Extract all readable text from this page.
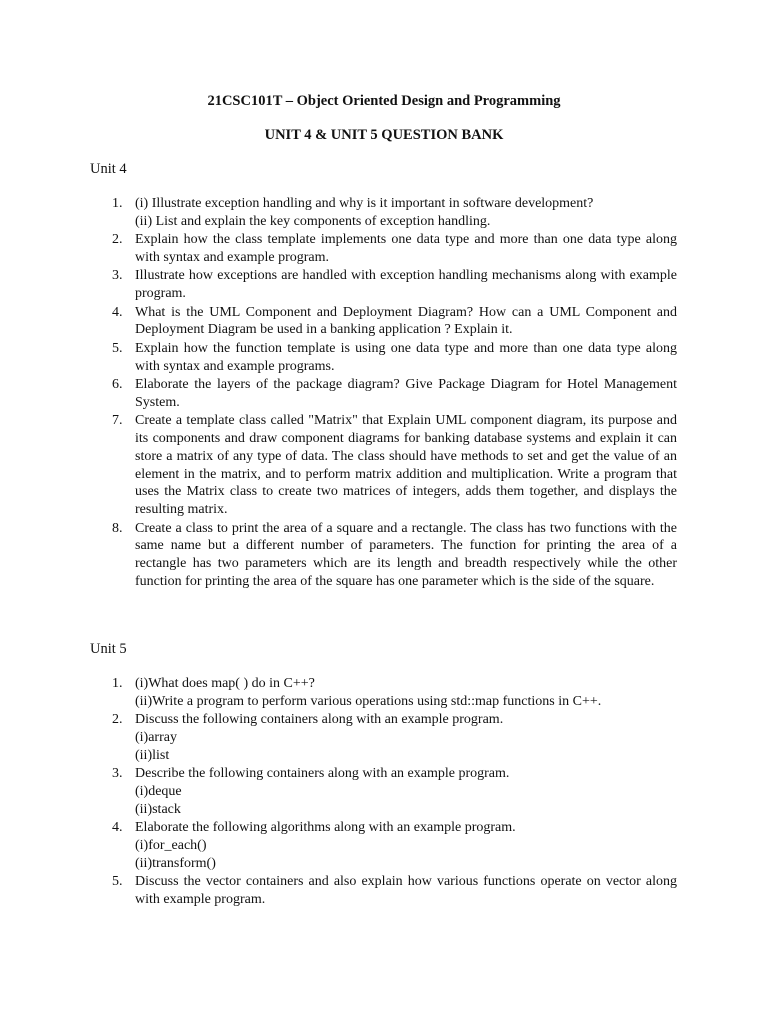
21CSC101T – Object Oriented Design and Programming

UNIT 4 & UNIT 5 QUESTION BANK

Unit 4

1. (i) Illustrate exception handling and why is it important in software development?
(ii) List and explain the key components of exception handling.
2. Explain how the class template implements one data type and more than one data type along with syntax and example program.
3. Illustrate how exceptions are handled with exception handling mechanisms along with example program.
4. What is the UML Component and Deployment Diagram? How can a UML Component and Deployment Diagram be used in a banking application ? Explain it.
5. Explain how the function template is using one data type and more than one data type along with syntax and example programs.
6. Elaborate the layers of the package diagram? Give Package Diagram for Hotel Management System.
7. Create a template class called "Matrix" that Explain UML component diagram, its purpose and its components and draw component diagrams for banking database systems and explain it can store a matrix of any type of data. The class should have methods to set and get the value of an element in the matrix, and to perform matrix addition and multiplication. Write a program that uses the Matrix class to create two matrices of integers, adds them together, and displays the resulting matrix.
8. Create a class to print the area of a square and a rectangle. The class has two functions with the same name but a different number of parameters. The function for printing the area of a rectangle has two parameters which are its length and breadth respectively while the other function for printing the area of the square has one parameter which is the side of the square.

Unit 5

1. (i)What does map( ) do in C++?
(ii)Write a program to perform various operations using std::map functions in C++.
2. Discuss the following containers along with an example program.
(i)array
(ii)list
3. Describe the following containers along with an example program.
(i)deque
(ii)stack
4. Elaborate the following algorithms along with an example program.
(i)for_each()
(ii)transform()
5. Discuss the vector containers and also explain how various functions operate on vector along with example program.
